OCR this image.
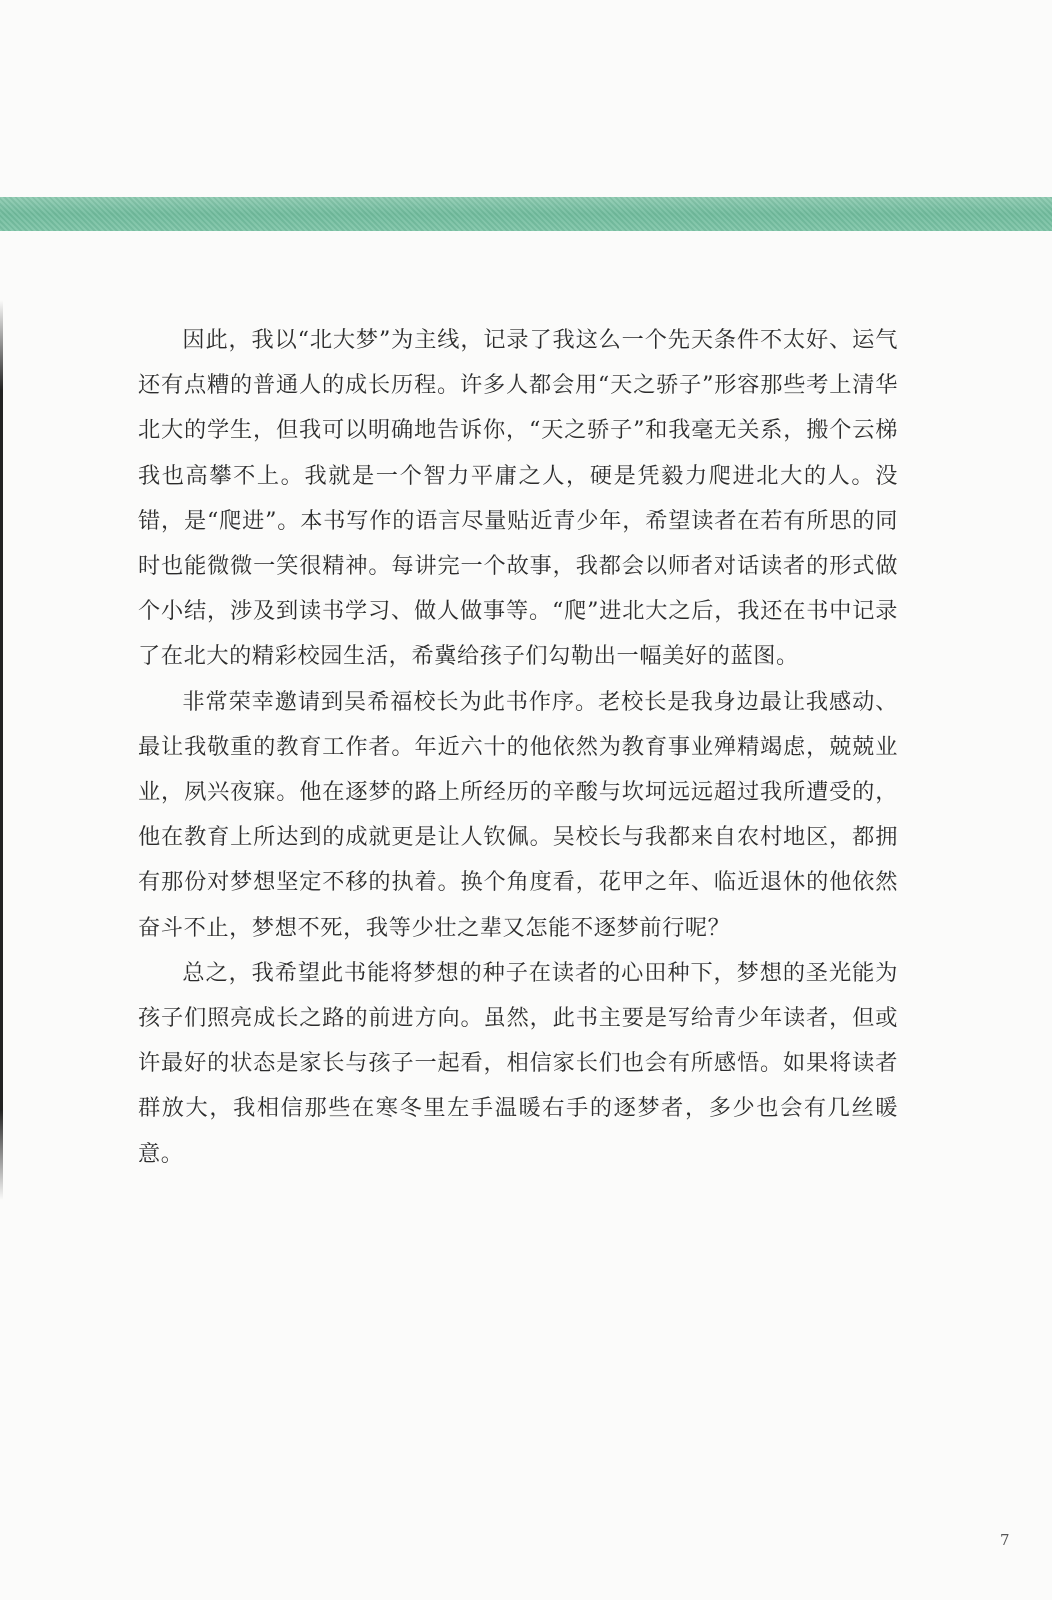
因此，我以“北大梦”为主线，记录了我这么一个先天条件不太好、运气还有点糟的普通人的成长历程。许多人都会用“天之骄子”形容那些考上清华北大的学生，但我可以明确地告诉你，“天之骄子”和我毫无关系，搬个云梯我也高攀不上。我就是一个智力平庸之人，硬是凭毅力爬进北大的人。没错，是“爬进”。本书写作的语言尽量贴近青少年，希望读者在若有所思的同时也能微微一笑很精神。每讲完一个故事，我都会以师者对话读者的形式做个小结，涉及到读书学习、做人做事等。“爬”进北大之后，我还在书中记录了在北大的精彩校园生活，希冀给孩子们勾勒出一幅美好的蓝图。

非常荣幸邀请到吴希福校长为此书作序。老校长是我身边最让我感动、最让我敬重的教育工作者。年近六十的他依然为教育事业殚精竭虑，兢兢业业，夙兴夜寐。他在逐梦的路上所经历的辛酸与坎坷远远超过我所遭受的，他在教育上所达到的成就更是让人钦佩。吴校长与我都来自农村地区，都拥有那份对梦想坚定不移的执着。换个角度看，花甲之年、临近退休的他依然奋斗不止，梦想不死，我等少壮之辈又怎能不逐梦前行呢？

总之，我希望此书能将梦想的种子在读者的心田种下，梦想的圣光能为孩子们照亮成长之路的前进方向。虽然，此书主要是写给青少年读者，但或许最好的状态是家长与孩子一起看，相信家长们也会有所感悟。如果将读者群放大，我相信那些在寒冬里左手温暖右手的逐梦者，多少也会有几丝暖意。

7
